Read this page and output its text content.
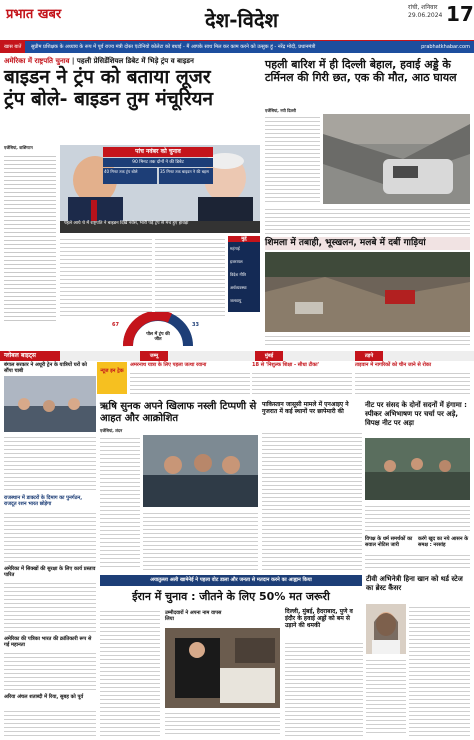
प्रभात खबर	देश-विदेश
रांची, शनिवार
29.06.2024 17
खास बातें सुप्रीम प्रशिक्षक के अध्याय के रूप में पूर्व राज्य मंत्री दोस्त एंटोनियो कोलेटा को बधाई - मैं आपके साथ मिल कर काम करने को उत्सुक हूं - नरेंद्र मोदी, प्रधानमंत्री	prabhatkhabar.com
अमेरिका में राष्ट्रपति चुनाव | पहली प्रेसिडेंशियल डिबेट में भिड़े ट्रंप व बाइडन
बाइडन ने ट्रंप को बताया लूजर
ट्रंप बोले- बाइडन तुम मंचूरियन
एजेंसियां, वाशिंगटन
पांच नवंबर को चुनाव
90 मिनट तक दोनों ने की डिबेट
40 मिनट तक ट्रंप बोले	35 मिनट तक बाइडन ने की बहस
पहले आये थे में राष्ट्रपति ने बाइडन दिखे नर्वस, भारी पड़े ट्रंप से मंच हुए हावड़ा
मुद्दे
महंगाई
इजरायल
विदेश नीति
अर्थव्यवस्था
जलवायु
67	33
पोल में ट्रंप की जीत
पहली बारिश में ही दिल्ली बेहाल, हवाई अड्डे के टर्मिनल की गिरी छत, एक की मौत, आठ घायल
एजेंसियां, नयी दिल्ली
शिमला में तबाही, भूस्खलन, मलबे में दबीं गाड़ियां
ग्लोबल बाइट्स	जम्मू	मुंबई	तड़पे
न्यूज इन ट्रेक
अमरनाथ यात्रा के लिए पहला जत्था रवाना	18 से 'निशुल्क शिक्षा - सीधा टीका'	ताइवान में नागरिकों को चीन जाने से रोका
बंगाल सरकार ने अधूरी ट्रेन के यात्रियों घरों को सौंपा चाबी
राजस्थान में डाक्टरों के दिमाग का पुनर्गठन, राजदूत रशन भारत छोड़ेगा
अमेरिका में सिक्खों की सुरक्षा के लिए कार्य प्रस्ताव पारित
अमेरिका की पत्रिका भारत की क्रांतिकारी रूप से गई महानता
अरिया अंचल शताब्दी में रिया, सुबह को पूर्व
ऋषि सुनक अपने खिलाफ नस्ली टिप्पणी से आहत और आक्रोशित
एजेंसियां, लंदन
पाकिस्तान जासूसी मामले में एनआइए ने गुजरात में कई स्थानों पर छापेमारी की
नीट पर संसद के दोनों सदनों में हंगामा : स्पीकर अभिभाषण पर चर्चा पर अड़े, विपक्ष नीट पर अड़ा
विपक्ष के धर्म समर्थकों का सवाल नोटिस जारी
करंगे खुद का नये आसन के समक्ष : नरसांह
अयातुल्ला अली खामेनेई ने पहला वोट डाला और जनता से मतदान करने का आह्वान किया
ईरान में चुनाव : जीतने के लिए 50% मत जरूरी
उम्मीदवारों ने अपना नाम वापस लिया
दिल्ली, मुंबई, हैदराबाद, पुणे व इंदौर के हवाई अड्डों को बम से उड़ाने की धमकी
टीवी अभिनेत्री हिना खान को थर्ड स्टेज का ब्रेस्ट कैंसर
